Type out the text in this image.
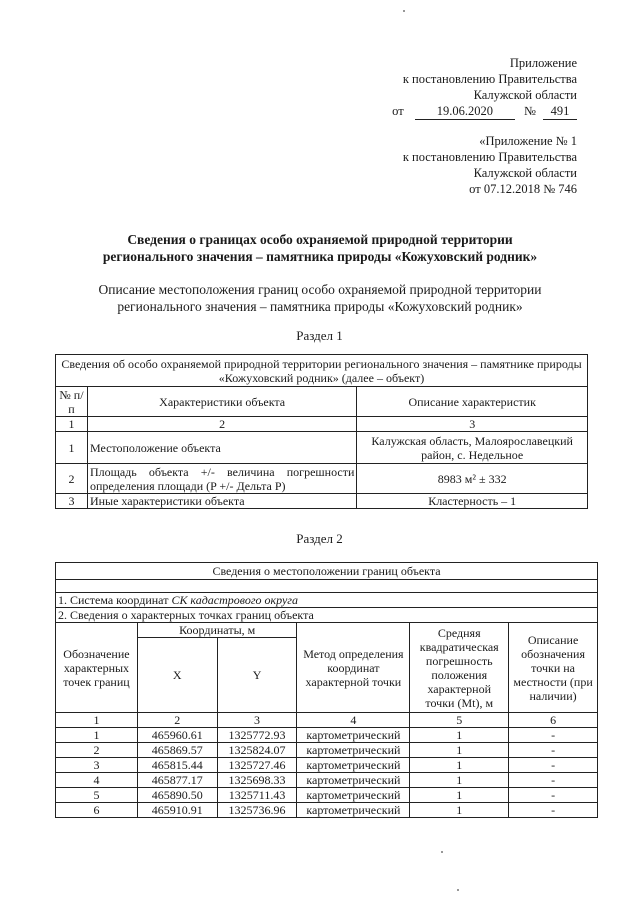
Приложение
к постановлению Правительства
Калужской области
от	19.06.2020 № 491
«Приложение № 1
к постановлению Правительства
Калужской области
от 07.12.2018 № 746
Сведения о границах особо охраняемой природной территории
регионального значения – памятника природы «Кожуховский родник»
Описание местоположения границ особо охраняемой природной территории
регионального значения – памятника природы «Кожуховский родник»
Раздел 1
Сведения об особо охраняемой природной территории регионального значения – памятнике природы «Кожуховский родник» (далее – объект)		
№ п/п	Характеристики объекта	Описание характеристик
1	2	3
1	Местоположение объекта	Калужская область, Малоярославецкий район, с. Недельное
2	Площадь объекта +/- величина погрешности определения площади (P +/- Дельта P)	8983 м² ± 332
3	Иные характеристики объекта	Кластерность – 1
Раздел 2
Сведения о местоположении границ объекта					

1. Система координат СК кадастрового округа					
2. Сведения о характерных точках границ объекта					
Обозначение характерных точек границ	Координаты, м		Метод определения координат характерной точки	Средняя квадратическая погрешность положения характерной точки (Mt), м	Описание обозначения точки на местности (при наличии)
	X	Y			
1	2	3	4	5	6
1	465960.61	1325772.93	картометрический	1	-
2	465869.57	1325824.07	картометрический	1	-
3	465815.44	1325727.46	картометрический	1	-
4	465877.17	1325698.33	картометрический	1	-
5	465890.50	1325711.43	картометрический	1	-
6	465910.91	1325736.96	картометрический	1	-
